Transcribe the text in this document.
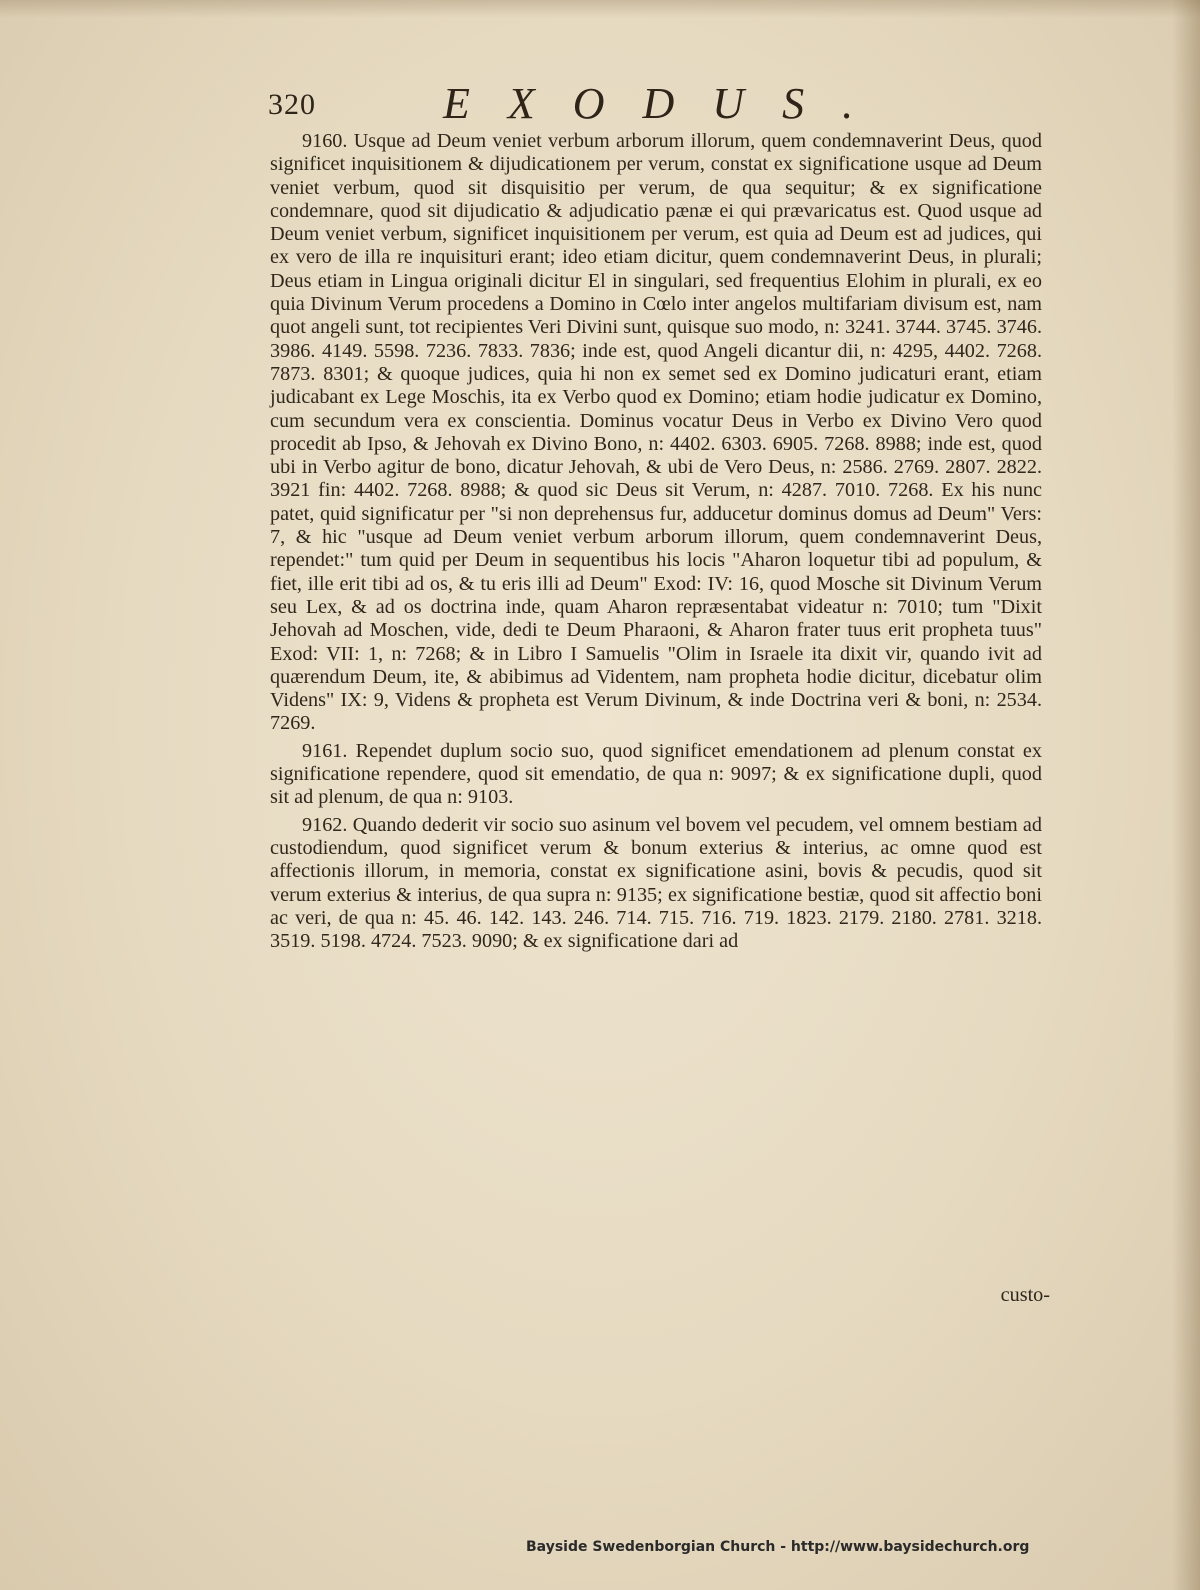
320	EXODUS.

9160. Usque ad Deum veniet verbum arborum illorum, quem condemnaverint Deus, quod significet inquisitionem & dijudicationem per verum, constat ex significatione usque ad Deum veniet verbum, quod sit disquisitio per verum, de qua sequitur; & ex significatione condemnare, quod sit dijudicatio & adjudicatio pænæ ei qui prævaricatus est. Quod usque ad Deum veniet verbum, significet inquisitionem per verum, est quia ad Deum est ad judices, qui ex vero de illa re inquisituri erant; ideo etiam dicitur, quem condemnaverint Deus, in plurali; Deus etiam in Lingua originali dicitur El in singulari, sed frequentius Elohim in plurali, ex eo quia Divinum Verum procedens a Domino in Cœlo inter angelos multifariam divisum est, nam quot angeli sunt, tot recipientes Veri Divini sunt, quisque suo modo, n: 3241. 3744. 3745. 3746. 3986. 4149. 5598. 7236. 7833. 7836; inde est, quod Angeli dicantur dii, n: 4295, 4402. 7268. 7873. 8301; & quoque judices, quia hi non ex semet sed ex Domino judicaturi erant, etiam judicabant ex Lege Moschis, ita ex Verbo quod ex Domino; etiam hodie judicatur ex Domino, cum secundum vera ex conscientia. Dominus vocatur Deus in Verbo ex Divino Vero quod procedit ab Ipso, & Jehovah ex Divino Bono, n: 4402. 6303. 6905. 7268. 8988; inde est, quod ubi in Verbo agitur de bono, dicatur Jehovah, & ubi de Vero Deus, n: 2586. 2769. 2807. 2822. 3921 fin: 4402. 7268. 8988; & quod sic Deus sit Verum, n: 4287. 7010. 7268. Ex his nunc patet, quid significatur per "si non deprehensus fur, adducetur dominus domus ad Deum" Vers: 7, & hic "usque ad Deum veniet verbum arborum illorum, quem condemnaverint Deus, rependet:" tum quid per Deum in sequentibus his locis "Aharon loquetur tibi ad populum, & fiet, ille erit tibi ad os, & tu eris illi ad Deum" Exod: IV: 16, quod Mosche sit Divinum Verum seu Lex, & ad os doctrina inde, quam Aharon repræsentabat videatur n: 7010; tum "Dixit Jehovah ad Moschen, vide, dedi te Deum Pharaoni, & Aharon frater tuus erit propheta tuus" Exod: VII: 1, n: 7268; & in Libro I Samuelis "Olim in Israele ita dixit vir, quando ivit ad quærendum Deum, ite, & abibimus ad Videntem, nam propheta hodie dicitur, dicebatur olim Videns" IX: 9, Videns & propheta est Verum Divinum, & inde Doctrina veri & boni, n: 2534. 7269.

9161. Rependet duplum socio suo, quod significet emendationem ad plenum constat ex significatione rependere, quod sit emendatio, de qua n: 9097; & ex significatione dupli, quod sit ad plenum, de qua n: 9103.

9162. Quando dederit vir socio suo asinum vel bovem vel pecudem, vel omnem bestiam ad custodiendum, quod significet verum & bonum exterius & interius, ac omne quod est affectionis illorum, in memoria, constat ex significatione asini, bovis & pecudis, quod sit verum exterius & interius, de qua supra n: 9135; ex significatione bestiæ, quod sit affectio boni ac veri, de qua n: 45. 46. 142. 143. 246. 714. 715. 716. 719. 1823. 2179. 2180. 2781. 3218. 3519. 5198. 4724. 7523. 9090; & ex significatione dari ad

custo-
Bayside Swedenborgian Church - http://www.baysidechurch.org
